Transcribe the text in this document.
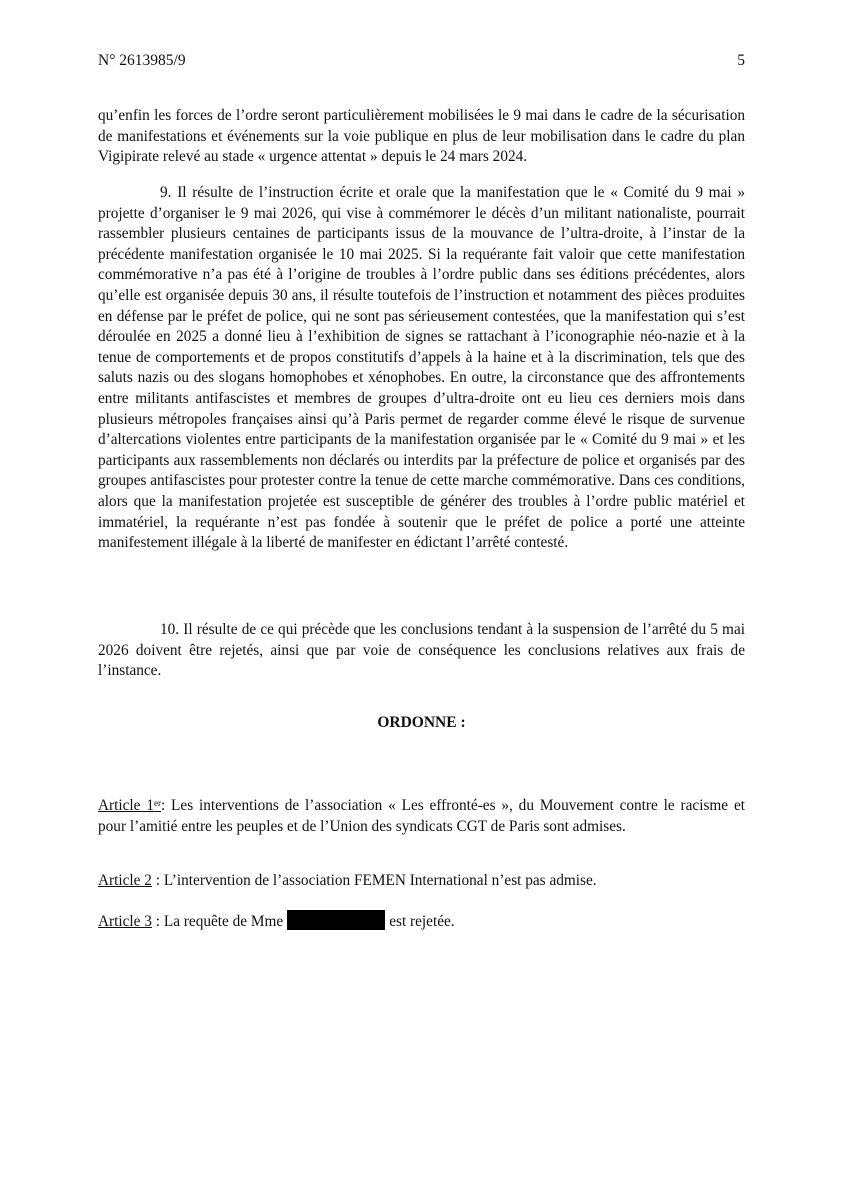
N° 2613985/9	5

qu’enfin les forces de l’ordre seront particulièrement mobilisées le 9 mai dans le cadre de la sécurisation de manifestations et événements sur la voie publique en plus de leur mobilisation dans le cadre du plan Vigipirate relevé au stade « urgence attentat » depuis le 24 mars 2024.

9. Il résulte de l’instruction écrite et orale que la manifestation que le « Comité du 9 mai » projette d’organiser le 9 mai 2026, qui vise à commémorer le décès d’un militant nationaliste, pourrait rassembler plusieurs centaines de participants issus de la mouvance de l’ultra-droite, à l’instar de la précédente manifestation organisée le 10 mai 2025. Si la requérante fait valoir que cette manifestation commémorative n’a pas été à l’origine de troubles à l’ordre public dans ses éditions précédentes, alors qu’elle est organisée depuis 30 ans, il résulte toutefois de l’instruction et notamment des pièces produites en défense par le préfet de police, qui ne sont pas sérieusement contestées, que la manifestation qui s’est déroulée en 2025 a donné lieu à l’exhibition de signes se rattachant à l’iconographie néo-nazie et à la tenue de comportements et de propos constitutifs d’appels à la haine et à la discrimination, tels que des saluts nazis ou des slogans homophobes et xénophobes. En outre, la circonstance que des affrontements entre militants antifascistes et membres de groupes d’ultra-droite ont eu lieu ces derniers mois dans plusieurs métropoles françaises ainsi qu’à Paris permet de regarder comme élevé le risque de survenue d’altercations violentes entre participants de la manifestation organisée par le « Comité du 9 mai » et les participants aux rassemblements non déclarés ou interdits par la préfecture de police et organisés par des groupes antifascistes pour protester contre la tenue de cette marche commémorative. Dans ces conditions, alors que la manifestation projetée est susceptible de générer des troubles à l’ordre public matériel et immatériel, la requérante n’est pas fondée à soutenir que le préfet de police a porté une atteinte manifestement illégale à la liberté de manifester en édictant l’arrêté contesté.

10. Il résulte de ce qui précède que les conclusions tendant à la suspension de l’arrêté du 5 mai 2026 doivent être rejetés, ainsi que par voie de conséquence les conclusions relatives aux frais de l’instance.

ORDONNE :

Article 1er: Les interventions de l’association « Les effronté-es », du Mouvement contre le racisme et pour l’amitié entre les peuples et de l’Union des syndicats CGT de Paris sont admises.

Article 2 : L’intervention de l’association FEMEN International n’est pas admise.

Article 3 : La requête de Mme	est rejetée.
